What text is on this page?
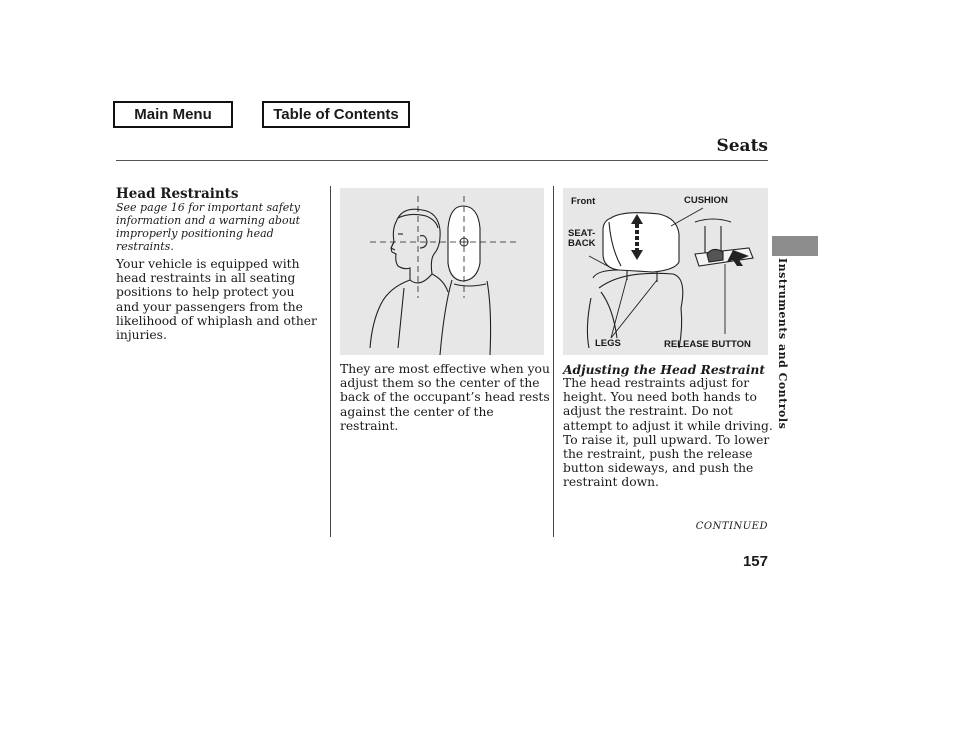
Main Menu	Table of Contents
Seats
Instruments and Controls
Head Restraints
See page 16 for important safety information and a warning about improperly positioning head restraints.
Your vehicle is equipped with head restraints in all seating positions to help protect you and your passengers from the likelihood of whiplash and other injuries.
They are most effective when you adjust them so the center of the back of the occupant’s head rests against the center of the restraint.
Front	CUSHION
SEAT-
BACK
LEGS	RELEASE BUTTON
Adjusting the Head Restraint
The head restraints adjust for height. You need both hands to adjust the restraint. Do not attempt to adjust it while driving. To raise it, pull upward. To lower the restraint, push the release button sideways, and push the restraint down.
CONTINUED
157
